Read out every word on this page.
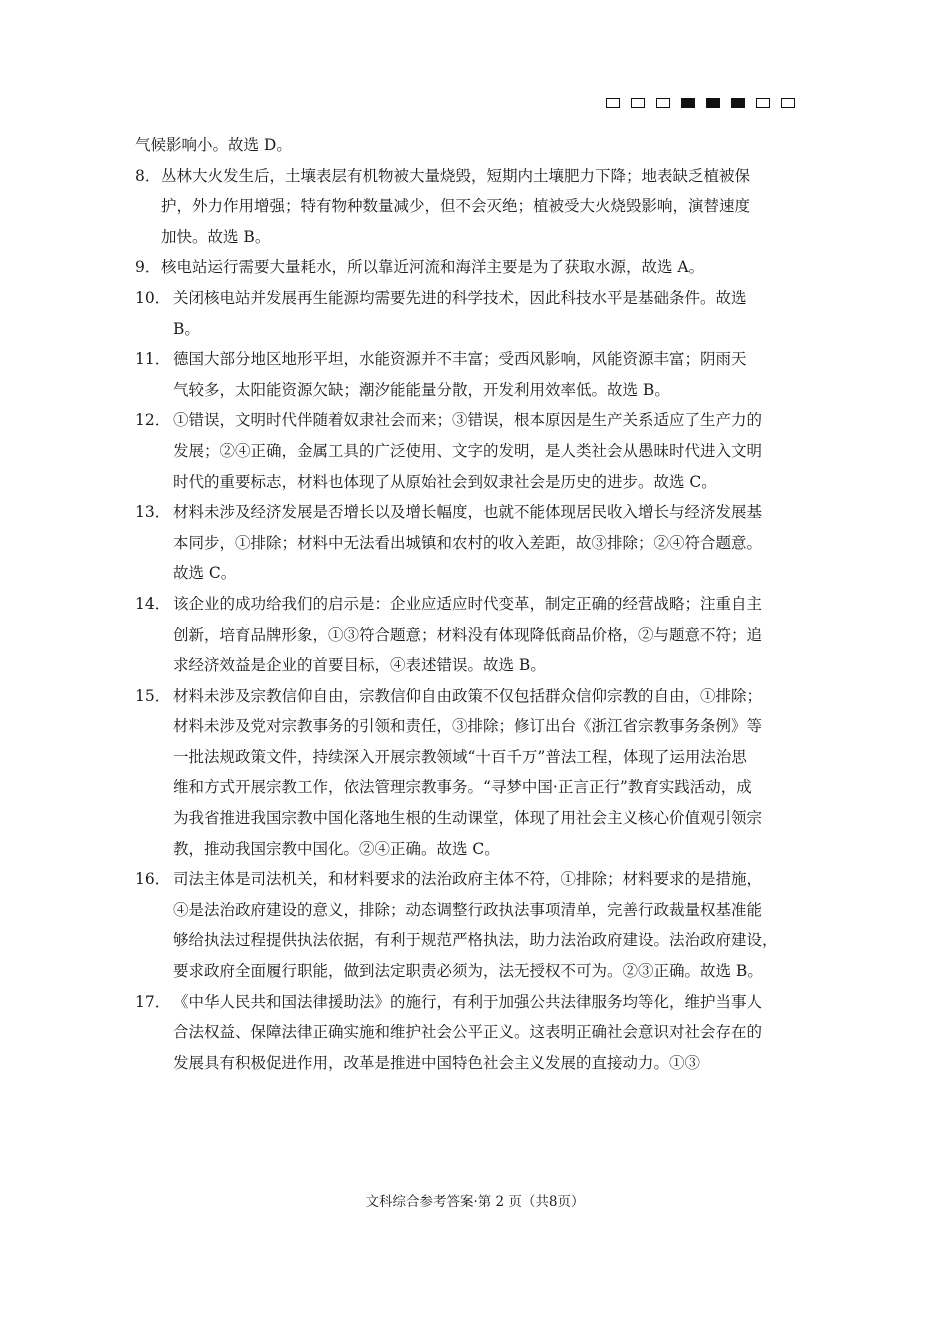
气候影响小。故选 D。
8． 丛林大火发生后，土壤表层有机物被大量烧毁，短期内土壤肥力下降；地表缺乏植被保
护，外力作用增强；特有物种数量减少，但不会灭绝；植被受大火烧毁影响，演替速度
加快。故选 B。
9． 核电站运行需要大量耗水，所以靠近河流和海洋主要是为了获取水源，故选 A。
10． 关闭核电站并发展再生能源均需要先进的科学技术，因此科技水平是基础条件。故选
B。
11． 德国大部分地区地形平坦，水能资源并不丰富；受西风影响，风能资源丰富；阴雨天
气较多，太阳能资源欠缺；潮汐能能量分散，开发利用效率低。故选 B。
12． ①错误，文明时代伴随着奴隶社会而来；③错误，根本原因是生产关系适应了生产力的
发展；②④正确，金属工具的广泛使用、文字的发明，是人类社会从愚昧时代进入文明
时代的重要标志，材料也体现了从原始社会到奴隶社会是历史的进步。故选 C。
13． 材料未涉及经济发展是否增长以及增长幅度，也就不能体现居民收入增长与经济发展基
本同步，①排除；材料中无法看出城镇和农村的收入差距，故③排除；②④符合题意。
故选 C。
14． 该企业的成功给我们的启示是：企业应适应时代变革，制定正确的经营战略；注重自主
创新，培育品牌形象，①③符合题意；材料没有体现降低商品价格，②与题意不符；追
求经济效益是企业的首要目标，④表述错误。故选 B。
15． 材料未涉及宗教信仰自由，宗教信仰自由政策不仅包括群众信仰宗教的自由，①排除；
材料未涉及党对宗教事务的引领和责任，③排除；修订出台《浙江省宗教事务条例》等
一批法规政策文件，持续深入开展宗教领域“十百千万”普法工程，体现了运用法治思
维和方式开展宗教工作，依法管理宗教事务。“寻梦中国·正言正行”教育实践活动，成
为我省推进我国宗教中国化落地生根的生动课堂，体现了用社会主义核心价值观引领宗
教，推动我国宗教中国化。②④正确。故选 C。
16． 司法主体是司法机关，和材料要求的法治政府主体不符，①排除；材料要求的是措施，
④是法治政府建设的意义，排除；动态调整行政执法事项清单，完善行政裁量权基准能
够给执法过程提供执法依据，有利于规范严格执法，助力法治政府建设。法治政府建设，
要求政府全面履行职能，做到法定职责必须为，法无授权不可为。②③正确。故选 B。
17． 《中华人民共和国法律援助法》的施行，有利于加强公共法律服务均等化，维护当事人
合法权益、保障法律正确实施和维护社会公平正义。这表明正确社会意识对社会存在的
发展具有积极促进作用，改革是推进中国特色社会主义发展的直接动力。①③
文科综合参考答案·第 2 页（共8页）
